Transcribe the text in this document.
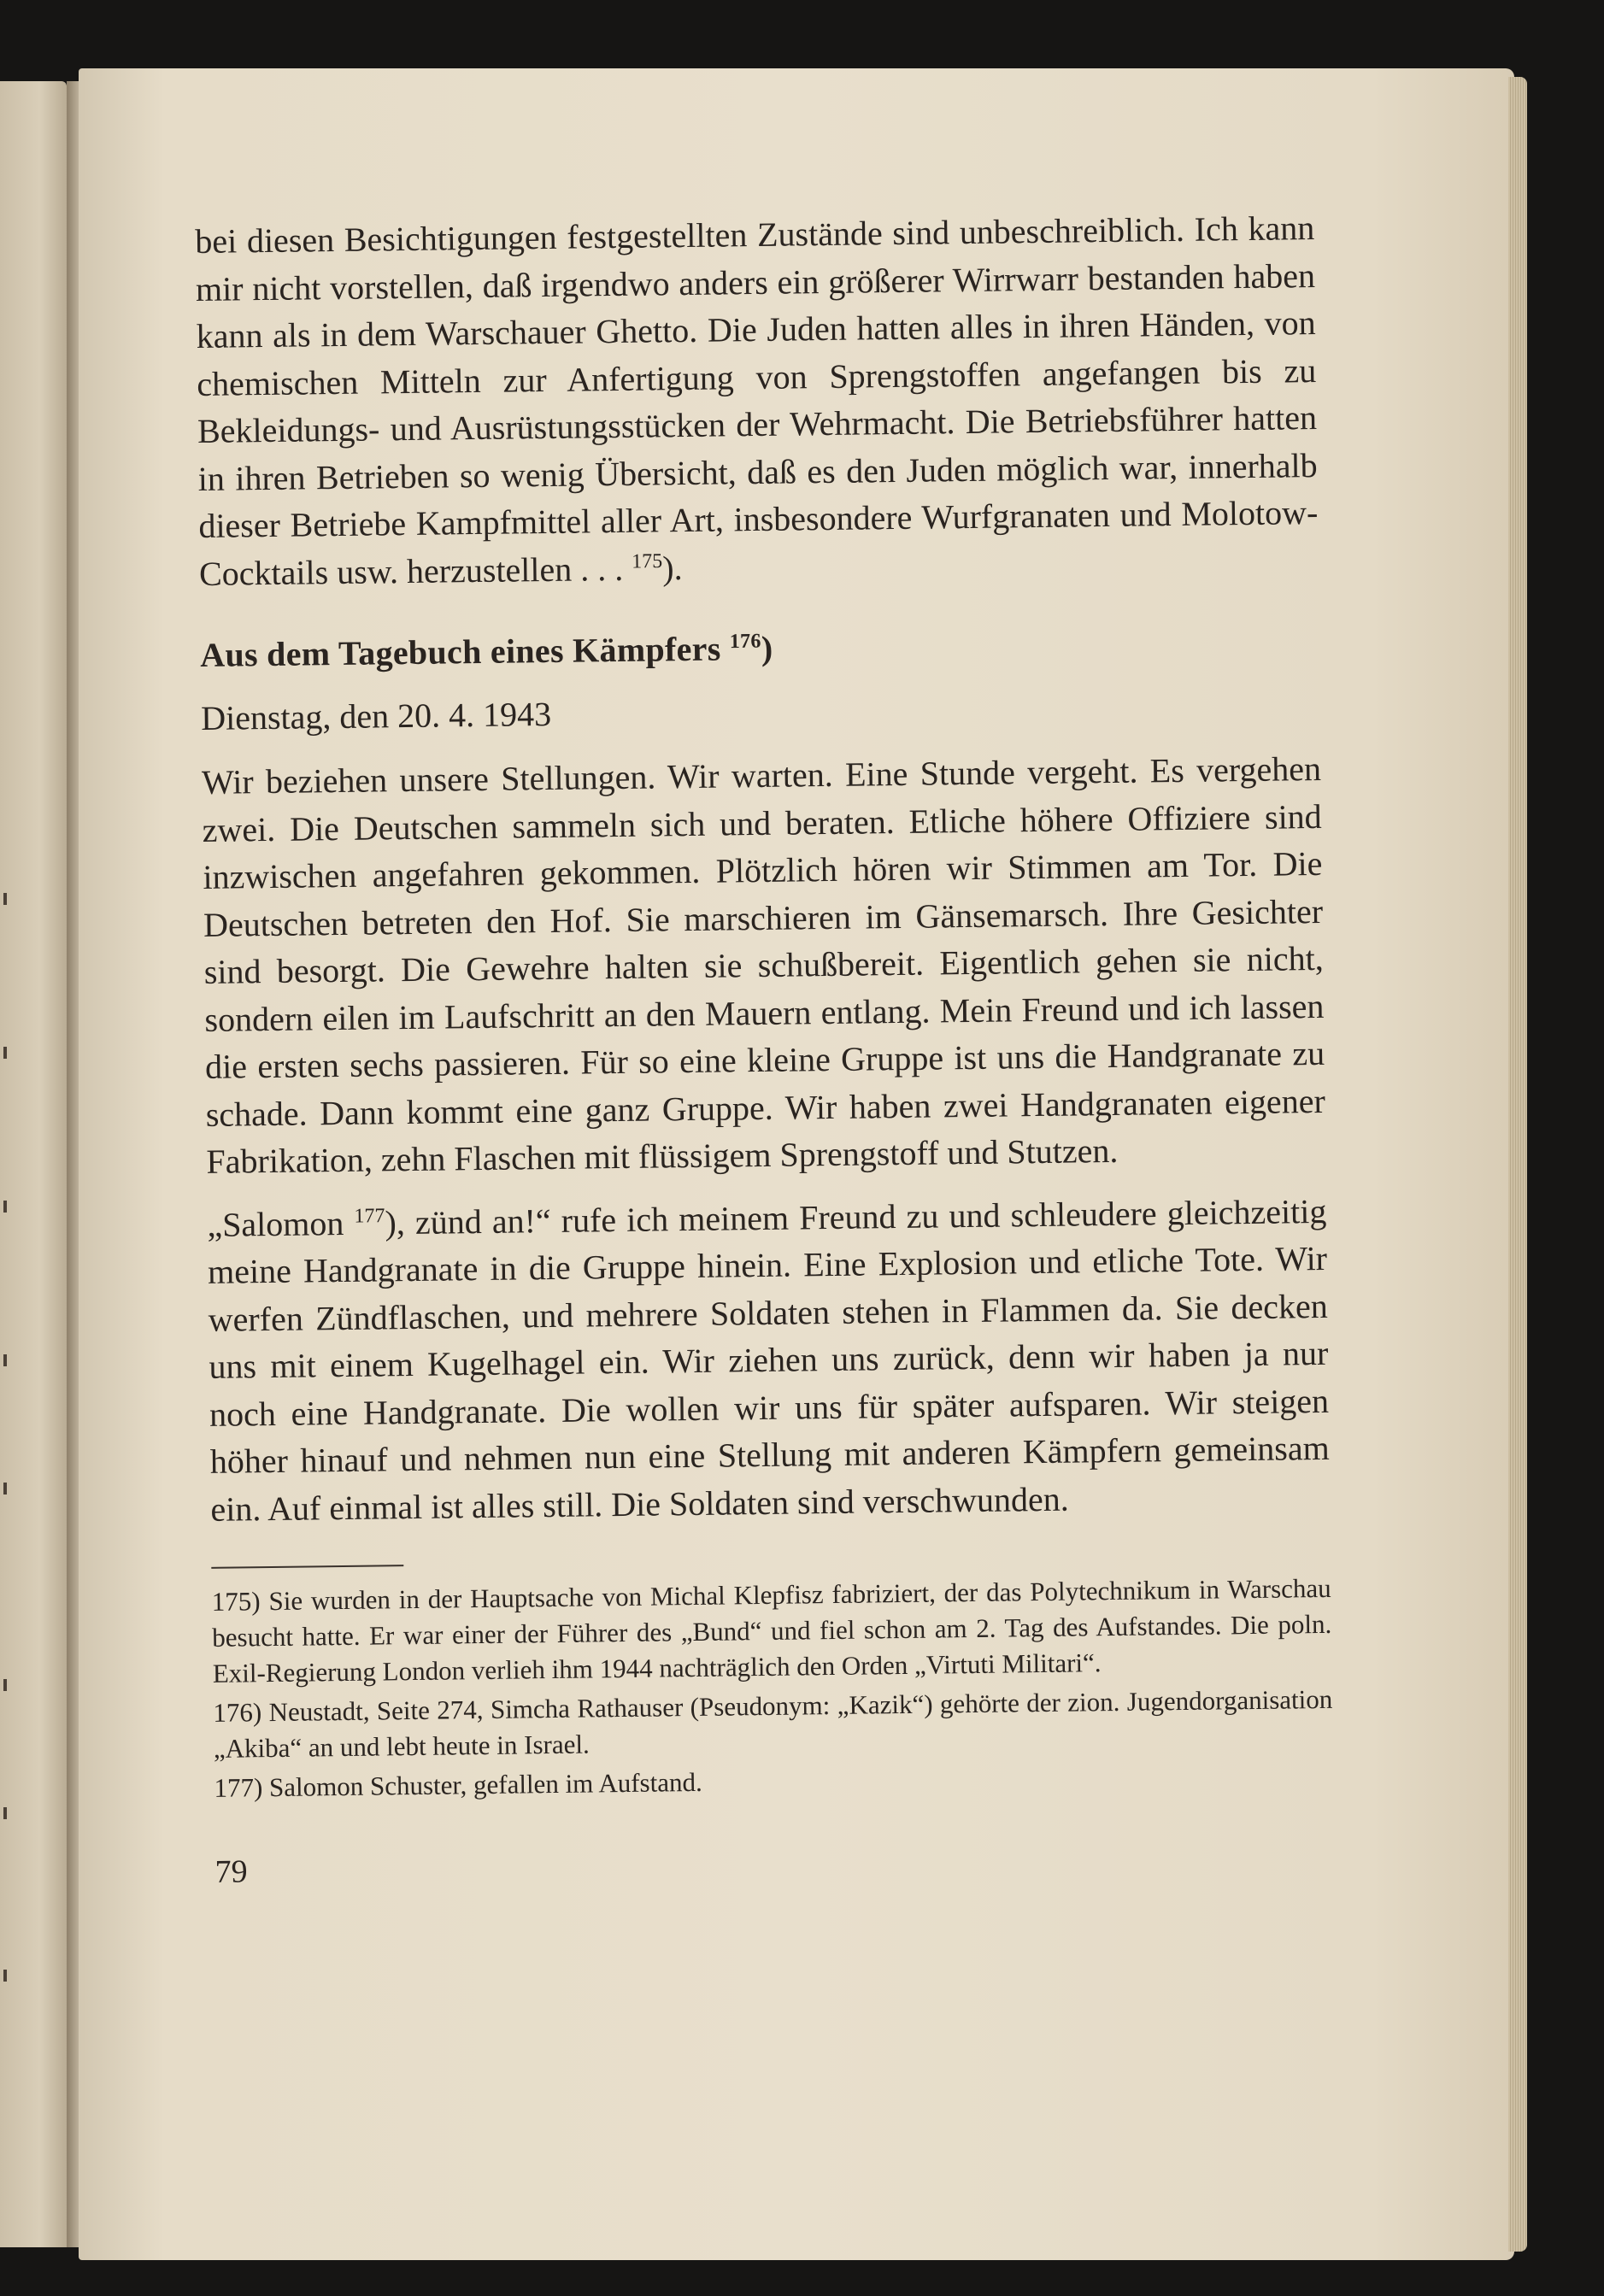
bei diesen Besichtigungen festgestellten Zustände sind unbeschreiblich. Ich kann mir nicht vorstellen, daß irgendwo anders ein größerer Wirrwarr bestanden haben kann als in dem Warschauer Ghetto. Die Juden hatten alles in ihren Händen, von chemischen Mitteln zur Anfertigung von Sprengstoffen angefangen bis zu Bekleidungs- und Ausrüstungsstücken der Wehrmacht. Die Betriebsführer hatten in ihren Betrieben so wenig Übersicht, daß es den Juden möglich war, innerhalb dieser Betriebe Kampfmittel aller Art, insbesondere Wurfgranaten und Molotow-Cocktails usw. herzustellen . . . $^{175}$).

Aus dem Tagebuch eines Kämpfers $^{176}$)

Dienstag, den 20. 4. 1943

Wir beziehen unsere Stellungen. Wir warten. Eine Stunde vergeht. Es vergehen zwei. Die Deutschen sammeln sich und beraten. Etliche höhere Offiziere sind inzwischen angefahren gekommen. Plötzlich hören wir Stimmen am Tor. Die Deutschen betreten den Hof. Sie marschieren im Gänsemarsch. Ihre Gesichter sind besorgt. Die Gewehre halten sie schußbereit. Eigentlich gehen sie nicht, sondern eilen im Laufschritt an den Mauern entlang. Mein Freund und ich lassen die ersten sechs passieren. Für so eine kleine Gruppe ist uns die Handgranate zu schade. Dann kommt eine ganz Gruppe. Wir haben zwei Handgranaten eigener Fabrikation, zehn Flaschen mit flüssigem Sprengstoff und Stutzen.

„Salomon $^{177}$), zünd an!“ rufe ich meinem Freund zu und schleudere gleichzeitig meine Handgranate in die Gruppe hinein. Eine Explosion und etliche Tote. Wir werfen Zündflaschen, und mehrere Soldaten stehen in Flammen da. Sie decken uns mit einem Kugelhagel ein. Wir ziehen uns zurück, denn wir haben ja nur noch eine Handgranate. Die wollen wir uns für später aufsparen. Wir steigen höher hinauf und nehmen nun eine Stellung mit anderen Kämpfern gemeinsam ein. Auf einmal ist alles still. Die Soldaten sind verschwunden.

175) Sie wurden in der Hauptsache von Michal Klepfisz fabriziert, der das Polytechnikum in Warschau besucht hatte. Er war einer der Führer des „Bund“ und fiel schon am 2. Tag des Aufstandes. Die poln. Exil-Regierung London verlieh ihm 1944 nachträglich den Orden „Virtuti Militari“.

176) Neustadt, Seite 274, Simcha Rathauser (Pseudonym: „Kazik“) gehörte der zion. Jugendorganisation „Akiba“ an und lebt heute in Israel.

177) Salomon Schuster, gefallen im Aufstand.

79
